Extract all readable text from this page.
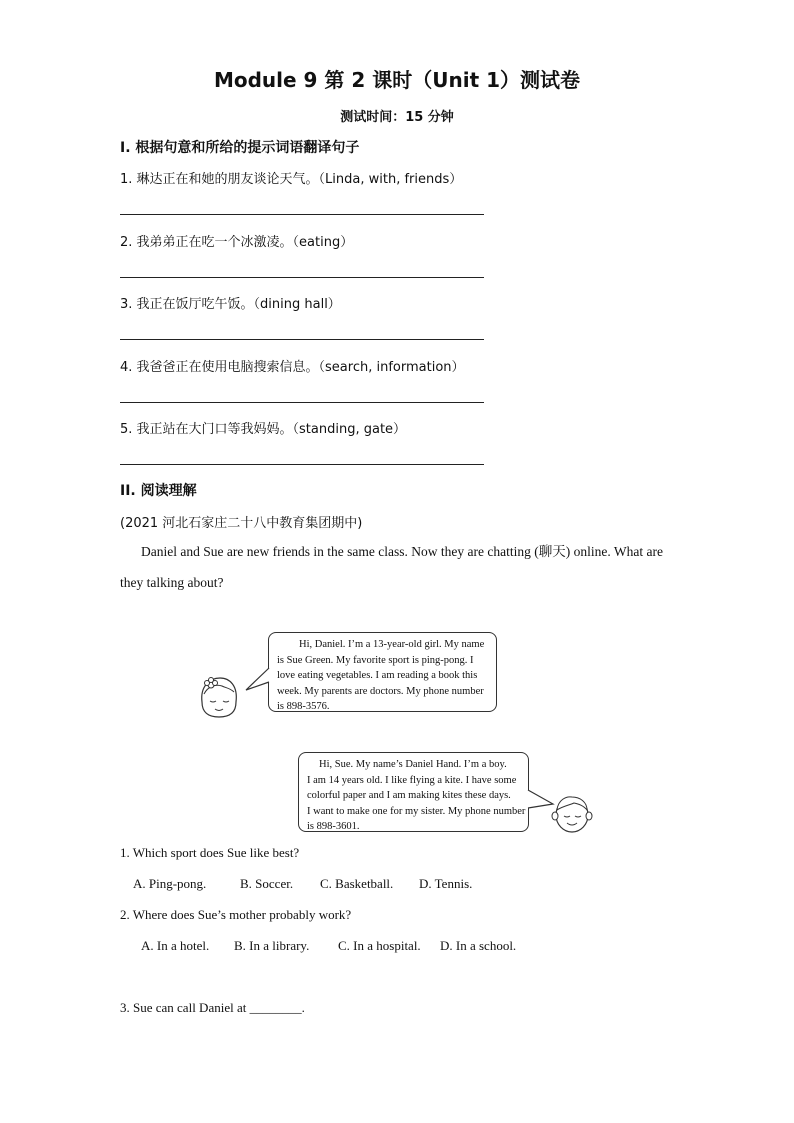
Module 9 第 2 课时（Unit 1）测试卷
测试时间：15 分钟
I. 根据句意和所给的提示词语翻译句子
1. 琳达正在和她的朋友谈论天气。（Linda, with, friends）
2. 我弟弟正在吃一个冰激凌。（eating）
3. 我正在饭厅吃午饭。（dining hall）
4. 我爸爸正在使用电脑搜索信息。（search, information）
5. 我正站在大门口等我妈妈。（standing, gate）
II. 阅读理解
(2021 河北石家庄二十八中教育集团期中)
Daniel and Sue are new friends in the same class. Now they are chatting (聊天) online. What are they talking about?

Hi, Daniel. I’m a 13-year-old girl. My name

is Sue Green. My favorite sport is ping-pong. I

love eating vegetables. I am reading a book this

week. My parents are doctors. My phone number

is 898-3576.

Hi, Sue. My name’s Daniel Hand. I’m a boy.

I am 14 years old. I like flying a kite. I have some

colorful paper and I am making kites these days.

I want to make one for my sister. My phone number

is 898-3601.

1. Which sport does Sue like best?
A. Ping-pong.	B. Soccer. C. Basketball. D. Tennis.
2. Where does Sue’s mother probably work?
A. In a hotel. B. In a library. C. In a hospital. D. In a school.
3. Sue can call Daniel at ________.
